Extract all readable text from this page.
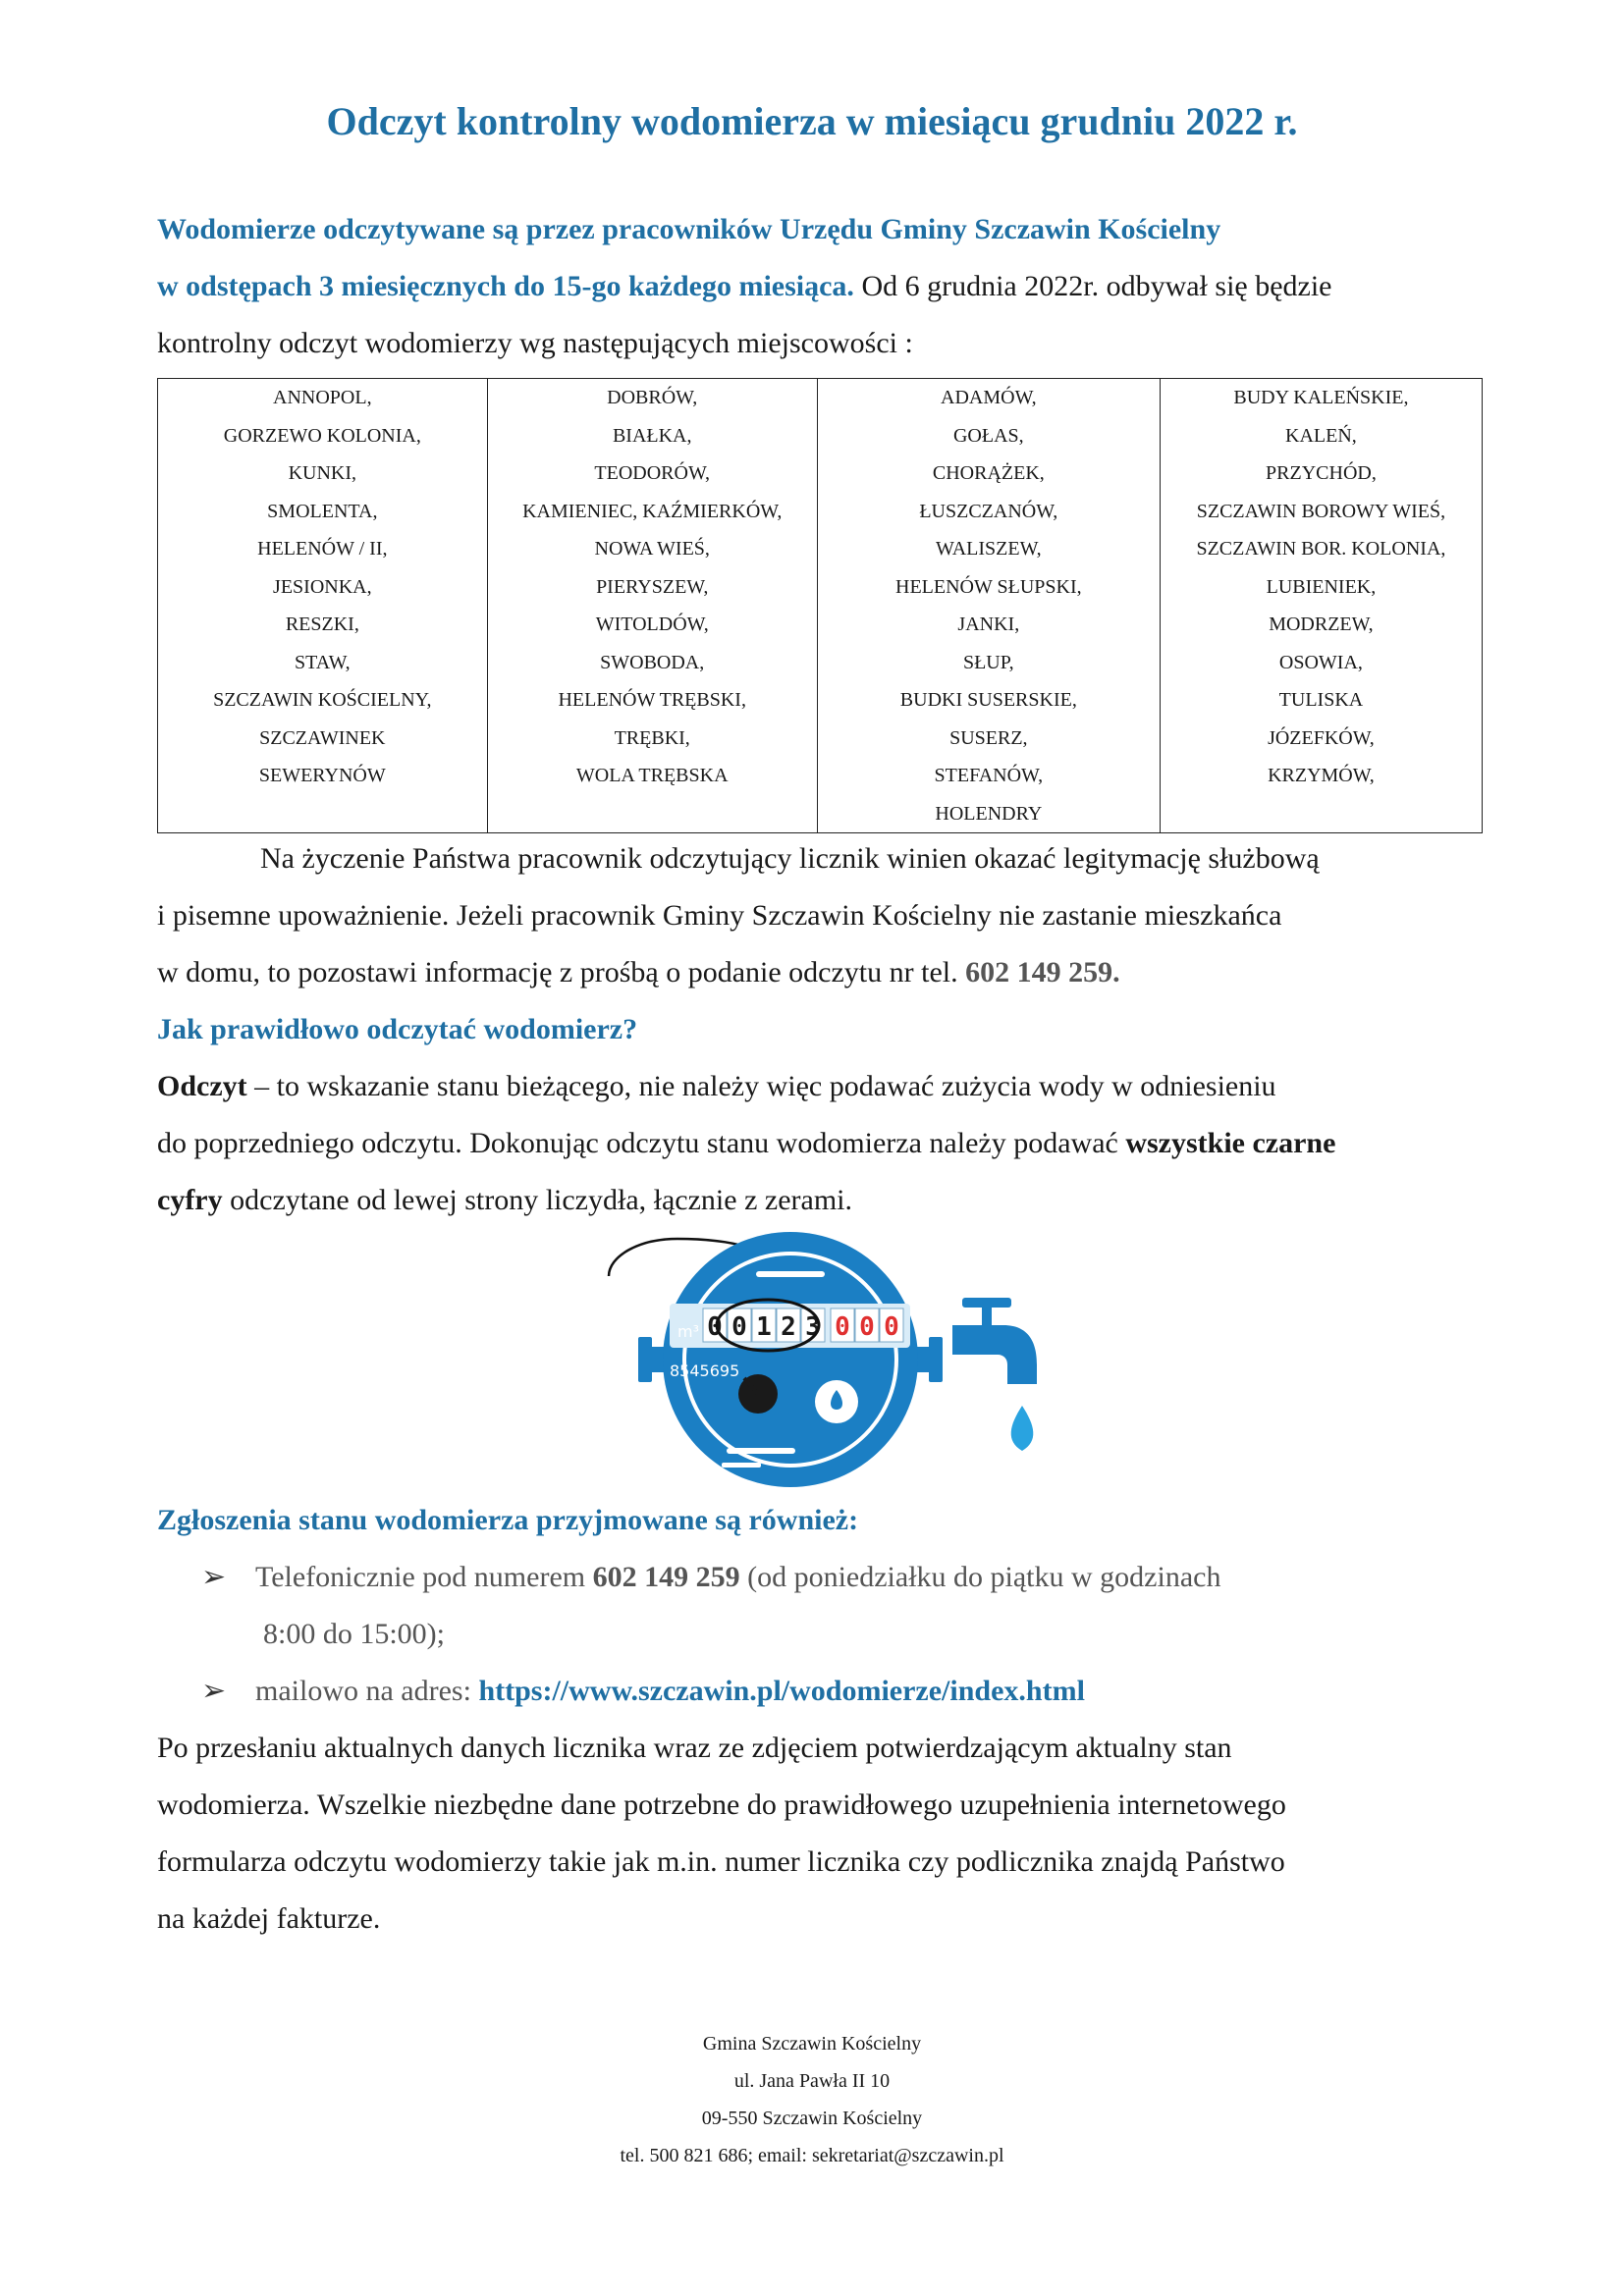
Odczyt kontrolny wodomierza w miesiącu grudniu 2022 r.

Wodomierze odczytywane są przez pracowników Urzędu Gminy Szczawin Kościelny
w odstępach 3 miesięcznych do 15-go każdego miesiąca. Od 6 grudnia 2022r. odbywał się będzie
kontrolny odczyt wodomierzy wg następujących miejscowości :

ANNOPOL,
GORZEWO KOLONIA,
KUNKI,
SMOLENTA,
HELENÓW / II,
JESIONKA,
RESZKI,
STAW,
SZCZAWIN KOŚCIELNY,
SZCZAWINEK
SEWERYNÓW

DOBRÓW,
BIAŁKA,
TEODORÓW,
KAMIENIEC, KAŹMIERKÓW,
NOWA WIEŚ,
PIERYSZEW,
WITOLDÓW,
SWOBODA,
HELENÓW TRĘBSKI,
TRĘBKI,
WOLA TRĘBSKA

ADAMÓW,
GOŁAS,
CHORĄŻEK,
ŁUSZCZANÓW,
WALISZEW,
HELENÓW SŁUPSKI,
JANKI,
SŁUP,
BUDKI SUSERSKIE,
SUSERZ,
STEFANÓW,
HOLENDRY

BUDY KALEŃSKIE,
KALEŃ,
PRZYCHÓD,
SZCZAWIN BOROWY WIEŚ,
SZCZAWIN BOR. KOLONIA,
LUBIENIEK,
MODRZEW,
OSOWIA,
TULISKA
JÓZEFKÓW,
KRZYMÓW,

Na życzenie Państwa pracownik odczytujący licznik winien okazać legitymację służbową
i pisemne upoważnienie. Jeżeli pracownik Gminy Szczawin Kościelny nie zastanie mieszkańca
w domu, to pozostawi informację z prośbą o podanie odczytu nr tel. 602 149 259.

Jak prawidłowo odczytać wodomierz?
Odczyt – to wskazanie stanu bieżącego, nie należy więc podawać zużycia wody w odniesieniu
do poprzedniego odczytu. Dokonując odczytu stanu wodomierza należy podawać wszystkie czarne
cyfry odczytane od lewej strony liczydła, łącznie z zerami.

m³ 0 0 1 2 3 0 0 0
8545695
Zgłoszenia stanu wodomierza przyjmowane są również:
➢ Telefonicznie pod numerem 602 149 259 (od poniedziałku do piątku w godzinach
8:00 do 15:00);
➢ mailowo na adres: https://www.szczawin.pl/wodomierze/index.html

Po przesłaniu aktualnych danych licznika wraz ze zdjęciem potwierdzającym aktualny stan
wodomierza. Wszelkie niezbędne dane potrzebne do prawidłowego uzupełnienia internetowego
formularza odczytu wodomierzy takie jak m.in. numer licznika czy podlicznika znajdą Państwo
na każdej fakturze.

Gmina Szczawin Kościelny
ul. Jana Pawła II 10
09-550 Szczawin Kościelny
tel. 500 821 686; email: sekretariat@szczawin.pl
